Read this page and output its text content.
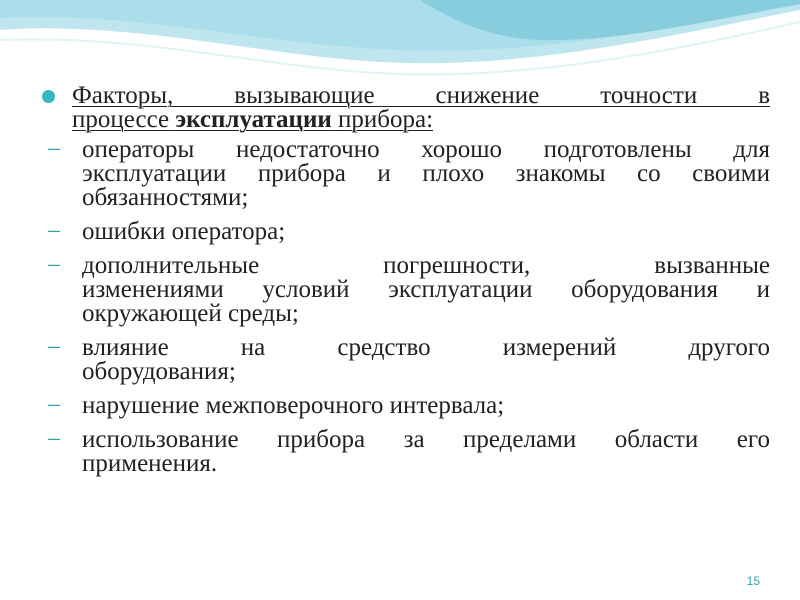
Факторы, вызывающие снижение точности в
процессе эксплуатации прибора:
– операторы недостаточно хорошо подготовлены для
эксплуатации прибора и плохо знакомы со своими
обязанностями;
– ошибки оператора;
– дополнительные погрешности, вызванные
изменениями условий эксплуатации оборудования и
окружающей среды;
– влияние на средство измерений другого
оборудования;
– нарушение межповерочного интервала;
– использование прибора за пределами области его
применения.
15
